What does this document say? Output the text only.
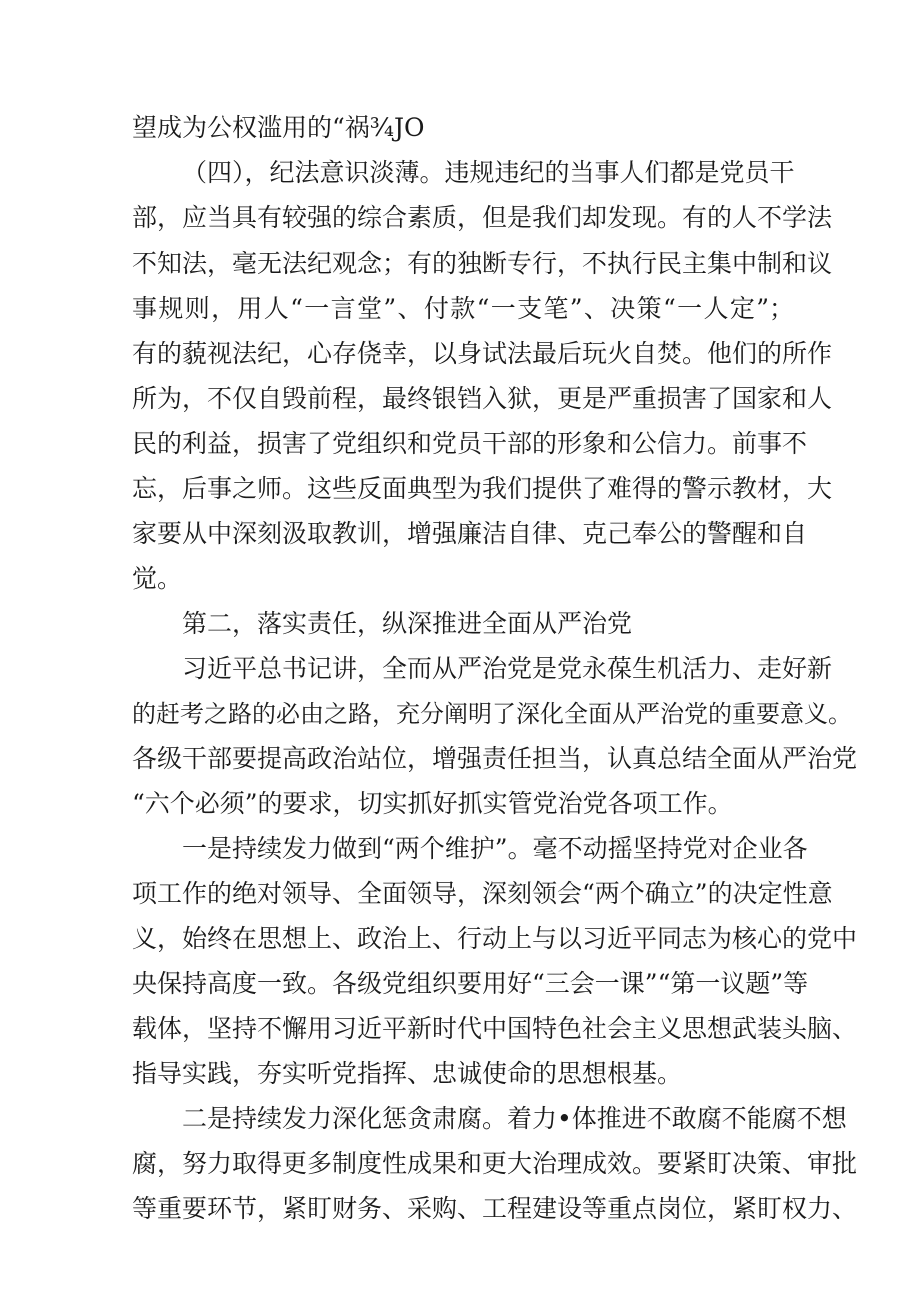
望成为公权滥用的“祸¾JO
（四），纪法意识淡薄。违规违纪的当事人们都是党员干
部，应当具有较强的综合素质，但是我们却发现。有的人不学法
不知法，毫无法纪观念；有的独断专行，不执行民主集中制和议
事规则，用人“一言堂”、付款“一支笔”、决策“一人定”；
有的藐视法纪，心存侥幸，以身试法最后玩火自焚。他们的所作
所为，不仅自毁前程，最终银铛入狱，更是严重损害了国家和人
民的利益，损害了党组织和党员干部的形象和公信力。前事不
忘，后事之师。这些反面典型为我们提供了难得的警示教材，大
家要从中深刻汲取教训，增强廉洁自律、克己奉公的警醒和自
觉。
第二，落实责任，纵深推进全面从严治党
习近平总书记讲，全而从严治党是党永葆生机活力、走好新
的赶考之路的必由之路，充分阐明了深化全面从严治党的重要意义。
各级干部要提高政治站位，增强责任担当，认真总结全面从严治党
“六个必须”的要求，切实抓好抓实管党治党各项工作。
一是持续发力做到“两个维护”。毫不动摇坚持党对企业各
项工作的绝对领导、全面领导，深刻领会“两个确立”的决定性意
义，始终在思想上、政治上、行动上与以习近平同志为核心的党中
央保持高度一致。各级党组织要用好“三会一课”“第一议题”等
载体，坚持不懈用习近平新时代中国特色社会主义思想武装头脑、
指导实践，夯实听党指挥、忠诚使命的思想根基。
二是持续发力深化惩贪肃腐。着力•体推进不敢腐不能腐不想
腐，努力取得更多制度性成果和更大治理成效。要紧盯决策、审批
等重要环节，紧盯财务、采购、工程建设等重点岗位，紧盯权力、
